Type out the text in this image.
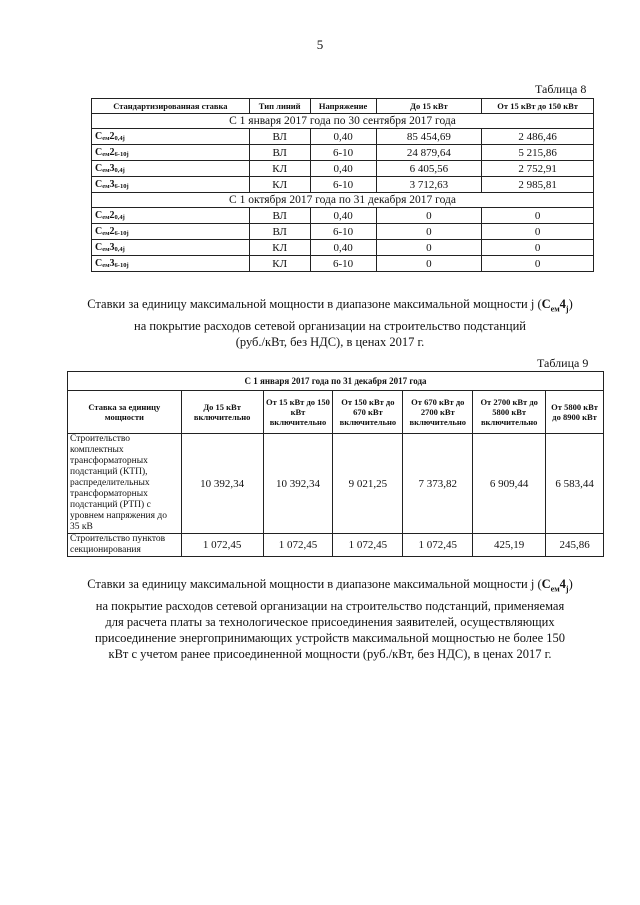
5
Таблица 8
Стандартизированная ставка	Тип линий	Напряжение	До 15 кВт	От 15 кВт до 150 кВт
С 1 января 2017 года по 30 сентября 2017 года				
$С_{ем}2_{0,4j}$	ВЛ	0,40	85 454,69	2 486,46
$С_{ем}2_{6-10j}$	ВЛ	6-10	24 879,64	5 215,86
$С_{ем}3_{0,4j}$	КЛ	0,40	6 405,56	2 752,91
$С_{ем}3_{6-10j}$	КЛ	6-10	3 712,63	2 985,81
С 1 октября 2017 года по 31 декабря 2017 года				
$С_{ем}2_{0,4j}$	ВЛ	0,40	0	0
$С_{ем}2_{6-10j}$	ВЛ	6-10	0	0
$С_{ем}3_{0,4j}$	КЛ	0,40	0	0
$С_{ем}3_{6-10j}$	КЛ	6-10	0	0
Ставки за единицу максимальной мощности в диапазоне максимальной мощности j $(С_{ем}4_j)$
на покрытие расходов сетевой организации на строительство подстанций
(руб./кВт, без НДС), в ценах 2017 г.
Таблица 9
С 1 января 2017 года по 31 декабря 2017 года						
Ставка за единицу мощности	До 15 кВт включительно	От 15 кВт до 150 кВт включительно	От 150 кВт до 670 кВт включительно	От 670 кВт до 2700 кВт включительно	От 2700 кВт до 5800 кВт включительно	От 5800 кВт до 8900 кВт
Строительство комплектных трансформаторных подстанций (КТП), распределительных трансформаторных подстанций (РТП) с уровнем напряжения до 35 кВ	10 392,34	10 392,34	9 021,25	7 373,82	6 909,44	6 583,44
Строительство пунктов секционирования	1 072,45	1 072,45	1 072,45	1 072,45	425,19	245,86
Ставки за единицу максимальной мощности в диапазоне максимальной мощности j $(С_{ем}4_j)$
на покрытие расходов сетевой организации на строительство подстанций, применяемая
для расчета платы за технологическое присоединения заявителей, осуществляющих
присоединение энергопринимающих устройств максимальной мощностью не более 150
кВт с учетом ранее присоединенной мощности (руб./кВт, без НДС), в ценах 2017 г.
